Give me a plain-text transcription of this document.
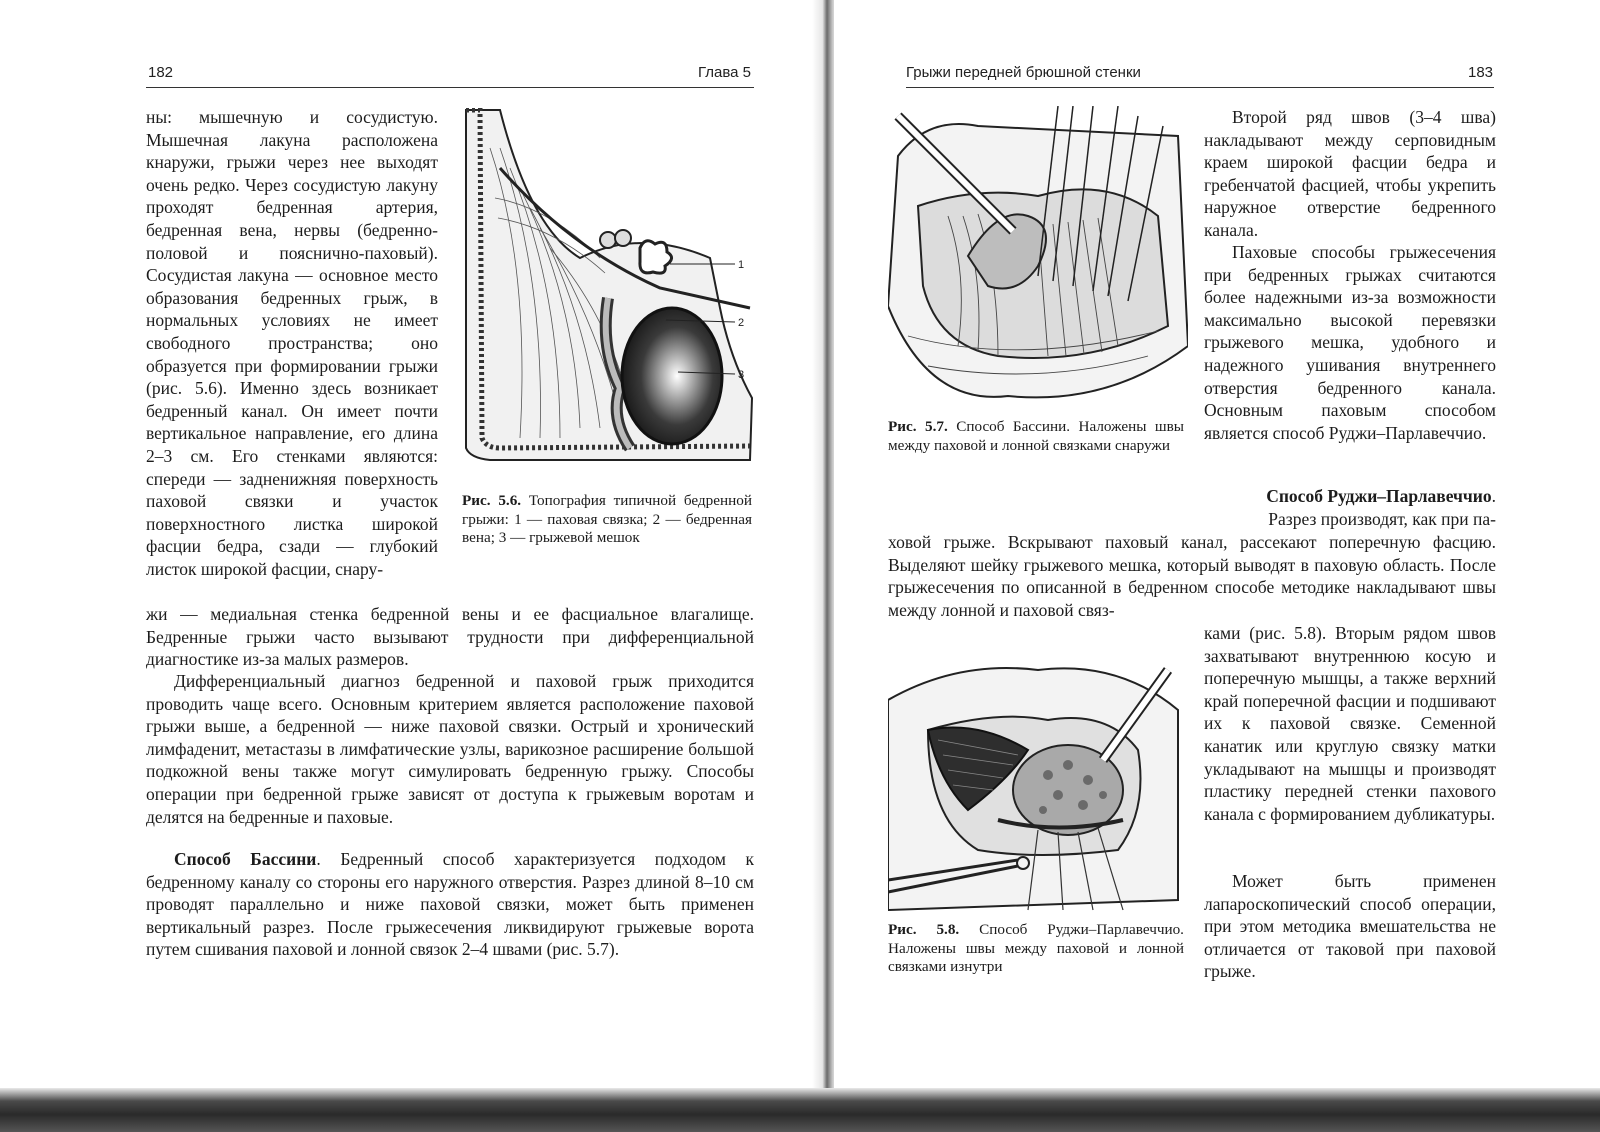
182	Глава 5

ны: мышечную и сосудистую. Мышечная лакуна расположена кнаружи, грыжи через нее выходят очень редко. Через сосудистую лакуну проходят бедренная артерия, бедренная вена, нервы (бедренно-половой и пояснично-паховый). Сосудистая лакуна — основное место образования бедренных грыж, в нормальных условиях не имеет свободного пространства; оно образуется при формировании грыжи (рис. 5.6). Именно здесь возникает бедренный канал. Он имеет почти вертикальное направление, его длина 2–3 см. Его стенками являются: спереди — задненижняя поверхность паховой связки и участок поверхностного листка широкой фасции бедра, сзади — глубокий листок широкой фасции, снару-

1
2
3

Рис. 5.6. Топография типичной бедренной грыжи: 1 — паховая связка; 2 — бедренная вена; 3 — грыжевой мешок

жи — медиальная стенка бедренной вены и ее фасциальное влагалище. Бедренные грыжи часто вызывают трудности при дифференциальной диагностике из-за малых размеров.

Дифференциальный диагноз бедренной и паховой грыж приходится проводить чаще всего. Основным критерием является расположение паховой грыжи выше, а бедренной — ниже паховой связки. Острый и хронический лимфаденит, метастазы в лимфатические узлы, варикозное расширение большой подкожной вены также могут симулировать бедренную грыжу. Способы операции при бедренной грыже зависят от доступа к грыжевым воротам и делятся на бедренные и паховые.

Способ Бассини. Бедренный способ характеризуется подходом к бедренному каналу со стороны его наружного отверстия. Разрез длиной 8–10 см проводят параллельно и ниже паховой связки, может быть применен вертикальный разрез. После грыжесечения ликвидируют грыжевые ворота путем сшивания паховой и лонной связок 2–4 швами (рис. 5.7).

Грыжи передней брюшной стенки	183

Рис. 5.7. Способ Бассини. Наложены швы между паховой и лонной связками снаружи

Второй ряд швов (3–4 шва) накладывают между серповидным краем широкой фасции бедра и гребенчатой фасцией, чтобы укрепить наружное отверстие бедренного канала.

Паховые способы грыжесечения при бедренных грыжах считаются более надежными из-за возможности максимально высокой перевязки грыжевого мешка, удобного и надежного ушивания внутреннего отверстия бедренного канала. Основным паховым способом является способ Руджи–Парлавеччио.

Способ Руджи–Парлавеччио.

Разрез производят, как при па-

ховой грыже. Вскрывают паховый канал, рассекают поперечную фасцию. Выделяют шейку грыжевого мешка, который выводят в паховую область. После грыжесечения по описанной в бедренном способе методике накладывают швы между лонной и паховой связ-

Рис. 5.8. Способ Руджи–Парлавеччио. Наложены швы между паховой и лонной связками изнутри

ками (рис. 5.8). Вторым рядом швов захватывают внутреннюю косую и поперечную мышцы, а также верхний край поперечной фасции и подшивают их к паховой связке. Семенной канатик или круглую связку матки укладывают на мышцы и производят пластику передней стенки пахового канала с формированием дубликатуры.

Может быть применен лапароскопический способ операции, при этом методика вмешательства не отличается от таковой при паховой грыже.
